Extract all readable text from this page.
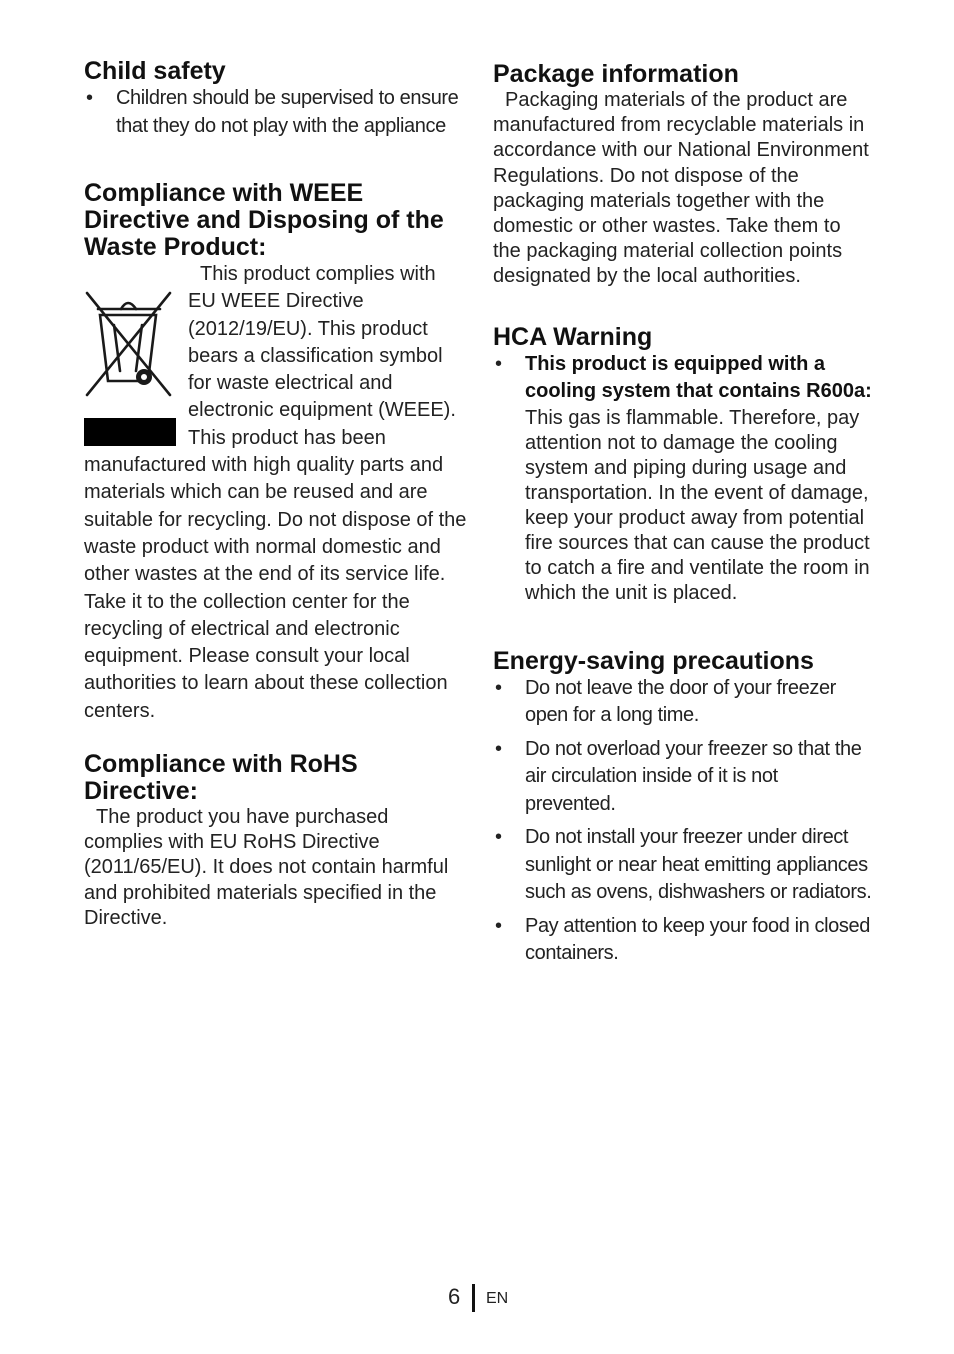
Child safety
• Children should be supervised to ensure that they do not play with the appliance
Compliance with WEEE Directive and Disposing of the Waste Product:

This product complies with EU WEEE Directive (2012/19/EU). This product bears a classification symbol for waste electrical and electronic equipment (WEEE). This product has been manufactured with high quality parts and materials which can be reused and are suitable for recycling. Do not dispose of the waste product with normal domestic and other wastes at the end of its service life. Take it to the collection center for the recycling of electrical and electronic equipment. Please consult your local authorities to learn about these collection centers.

Compliance with RoHS Directive:

The product you have purchased complies with EU RoHS Directive (2011/65/EU). It does not contain harmful and prohibited materials specified in the Directive.

Package information

Packaging materials of the product are manufactured from recyclable materials in accordance with our National Environment Regulations. Do not dispose of the packaging materials together with the domestic or other wastes. Take them to the packaging material collection points designated by the local authorities.

HCA Warning
• This product is equipped with a cooling system that contains R600a:
This gas is flammable. Therefore, pay attention not to damage the cooling system and piping during usage and transportation. In the event of damage, keep your product away from potential fire sources that can cause the product to catch a fire and ventilate the room in which the unit is placed.
Energy-saving precautions
• Do not leave the door of your freezer open for a long time.
• Do not overload your freezer so that the air circulation inside of it is not prevented.
• Do not install your freezer under direct sunlight or near heat emitting appliances such as ovens, dishwashers or radiators.
• Pay attention to keep your food in closed containers.
6 EN
